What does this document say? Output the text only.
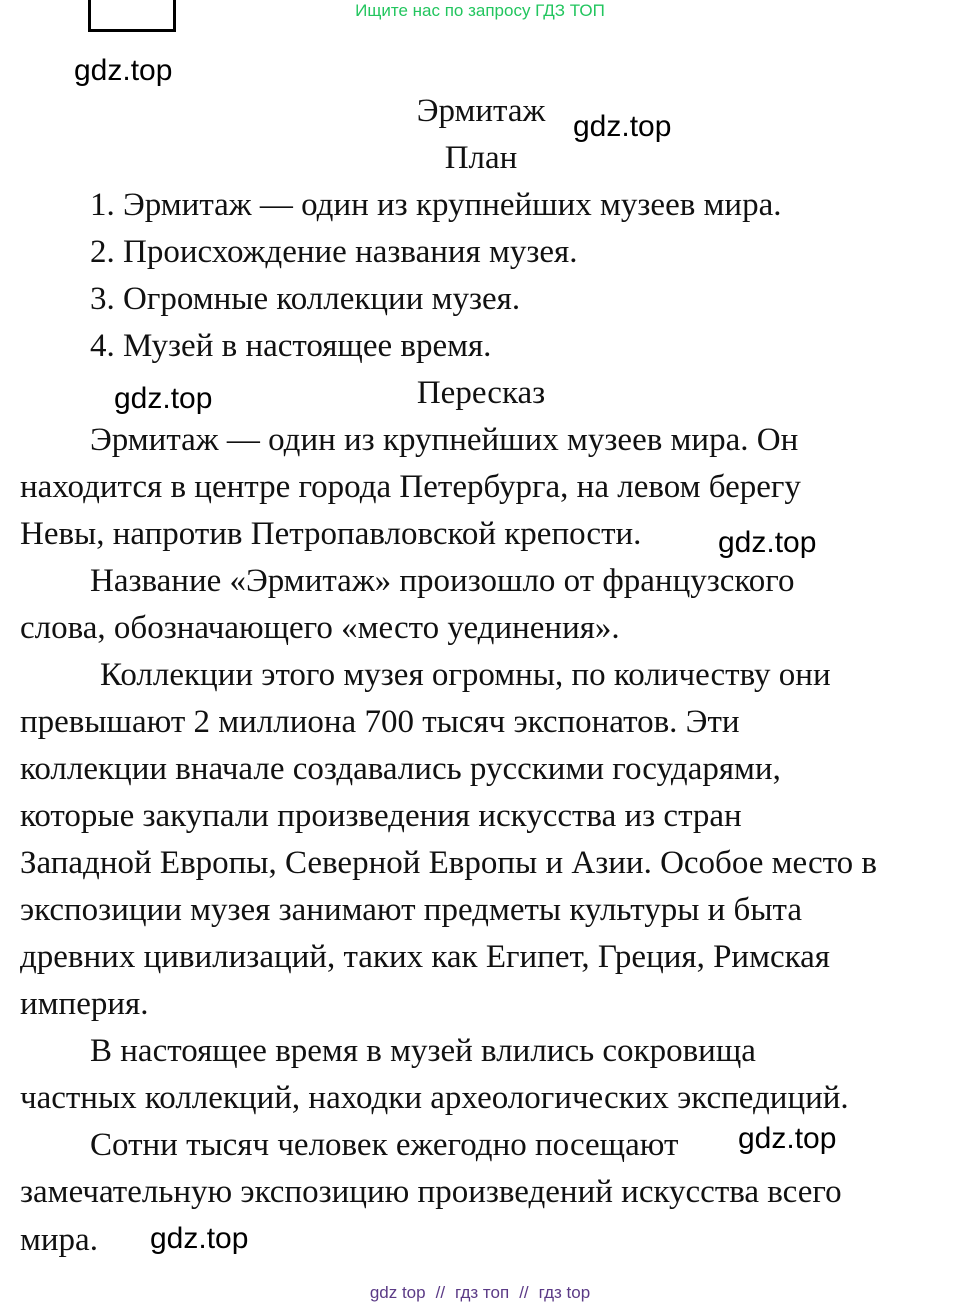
Ищите нас по запросу ГДЗ ТОП
gdz.top
gdz.top
gdz.top
gdz.top
gdz.top
gdz.top
Эрмитаж
План
1. Эрмитаж — один из крупнейших музеев мира.
2. Происхождение названия музея.
3. Огромные коллекции музея.
4. Музей в настоящее время.
Пересказ
Эрмитаж — один из крупнейших музеев мира. Он
находится в центре города Петербурга, на левом берегу
Невы, напротив Петропавловской крепости.
Название «Эрмитаж» произошло от французского
слова, обозначающего «место уединения».
Коллекции этого музея огромны, по количеству они
превышают 2 миллиона 700 тысяч экспонатов. Эти
коллекции вначале создавались русскими государями,
которые закупали произведения искусства из стран
Западной Европы, Северной Европы и Азии. Особое место в
экспозиции музея занимают предметы культуры и быта
древних цивилизаций, таких как Египет, Греция, Римская
империя.
В настоящее время в музей влились сокровища
частных коллекций, находки археологических экспедиций.
Сотни тысяч человек ежегодно посещают
замечательную экспозицию произведений искусства всего
мира.
gdz top // гдз топ // гдз top
